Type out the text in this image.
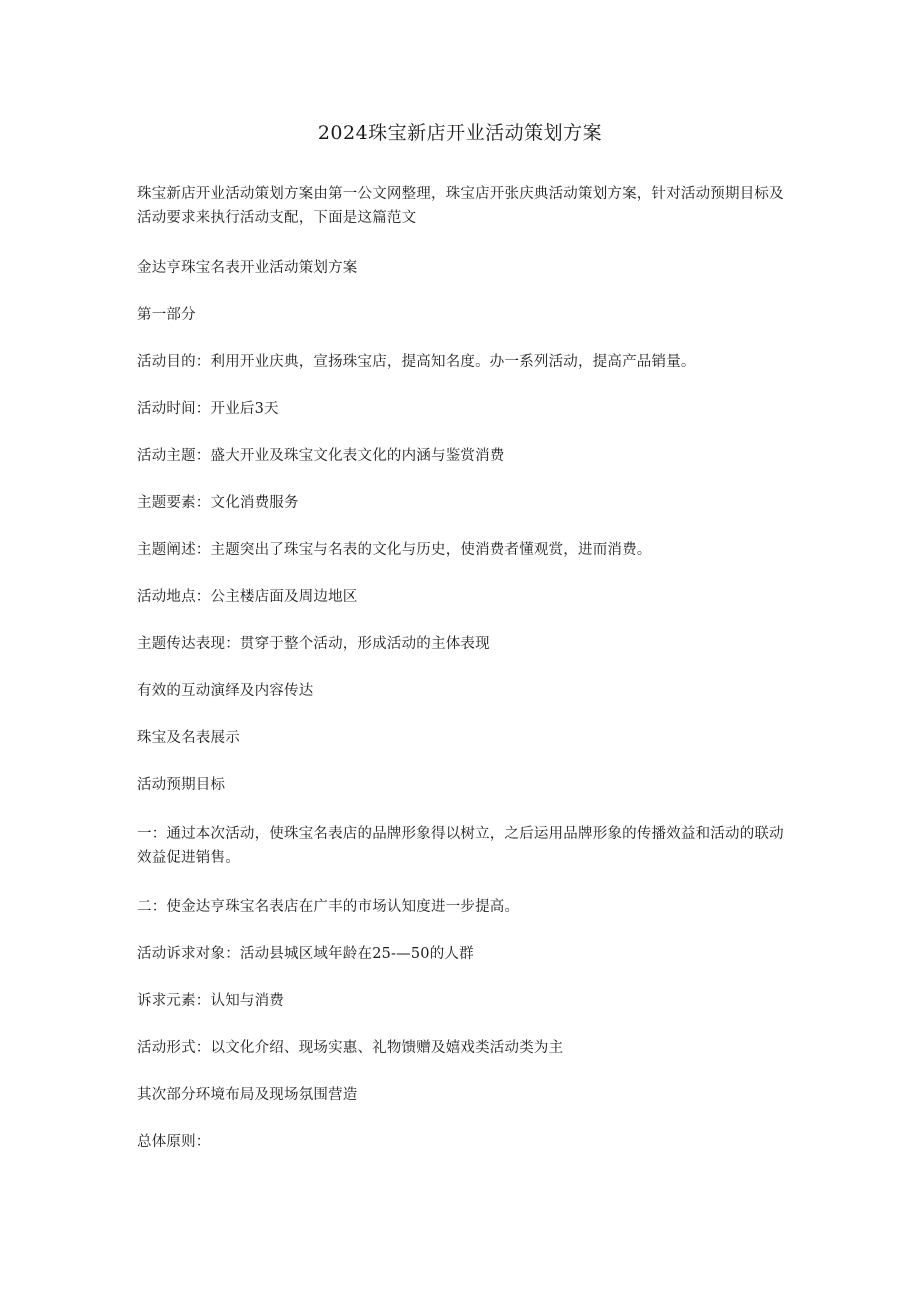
2024珠宝新店开业活动策划方案

珠宝新店开业活动策划方案由第一公文网整理，珠宝店开张庆典活动策划方案，针对活动预期目标及活动要求来执行活动支配，下面是这篇范文

金达亨珠宝名表开业活动策划方案

第一部分

活动目的：利用开业庆典，宣扬珠宝店，提高知名度。办一系列活动，提高产品销量。

活动时间：开业后3天

活动主题：盛大开业及珠宝文化表文化的内涵与鉴赏消费

主题要素：文化消费服务

主题阐述：主题突出了珠宝与名表的文化与历史，使消费者懂观赏，进而消费。

活动地点：公主楼店面及周边地区

主题传达表现：贯穿于整个活动，形成活动的主体表现

有效的互动演绎及内容传达

珠宝及名表展示

活动预期目标

一：通过本次活动，使珠宝名表店的品牌形象得以树立，之后运用品牌形象的传播效益和活动的联动效益促进销售。

二：使金达亨珠宝名表店在广丰的市场认知度进一步提高。

活动诉求对象：活动县城区域年龄在25-—50的人群

诉求元素：认知与消费

活动形式：以文化介绍、现场实惠、礼物馈赠及嬉戏类活动类为主

其次部分环境布局及现场氛围营造

总体原则：
